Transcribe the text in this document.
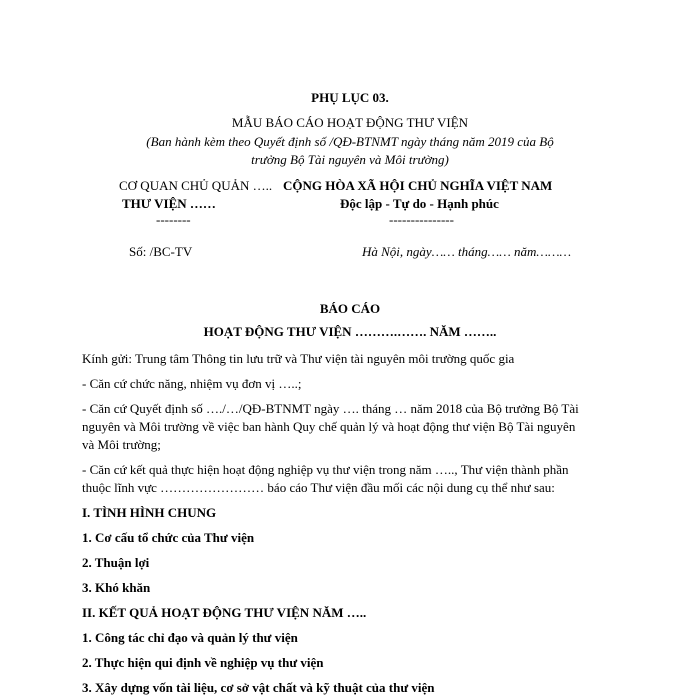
PHỤ LỤC 03.
MẪU BÁO CÁO HOẠT ĐỘNG THƯ VIỆN
(Ban hành kèm theo Quyết định số /QĐ-BTNMT ngày tháng năm 2019 của Bộ
trưởng Bộ Tài nguyên và Môi trường)
CƠ QUAN CHỦ QUẢN …..
THƯ VIỆN ……
--------
Số: /BC-TV
CỘNG HÒA XÃ HỘI CHỦ NGHĨA VIỆT NAM
Độc lập - Tự do - Hạnh phúc
---------------
Hà Nội, ngày…… tháng…… năm………
BÁO CÁO
HOẠT ĐỘNG THƯ VIỆN ……….……. NĂM ……..
Kính gửi: Trung tâm Thông tin lưu trữ và Thư viện tài nguyên môi trường quốc gia
- Căn cứ chức năng, nhiệm vụ đơn vị …..;
- Căn cứ Quyết định số …./…/QĐ-BTNMT ngày …. tháng … năm 2018 của Bộ trưởng Bộ Tài
nguyên và Môi trường về việc ban hành Quy chế quản lý và hoạt động thư viện Bộ Tài nguyên
và Môi trường;
- Căn cứ kết quả thực hiện hoạt động nghiệp vụ thư viện trong năm ….., Thư viện thành phần
thuộc lĩnh vực …………………… báo cáo Thư viện đầu mối các nội dung cụ thể như sau:
I. TÌNH HÌNH CHUNG
1. Cơ cấu tổ chức của Thư viện
2. Thuận lợi
3. Khó khăn
II. KẾT QUẢ HOẠT ĐỘNG THƯ VIỆN NĂM …..
1. Công tác chỉ đạo và quản lý thư viện
2. Thực hiện qui định về nghiệp vụ thư viện
3. Xây dựng vốn tài liệu, cơ sở vật chất và kỹ thuật của thư viện
